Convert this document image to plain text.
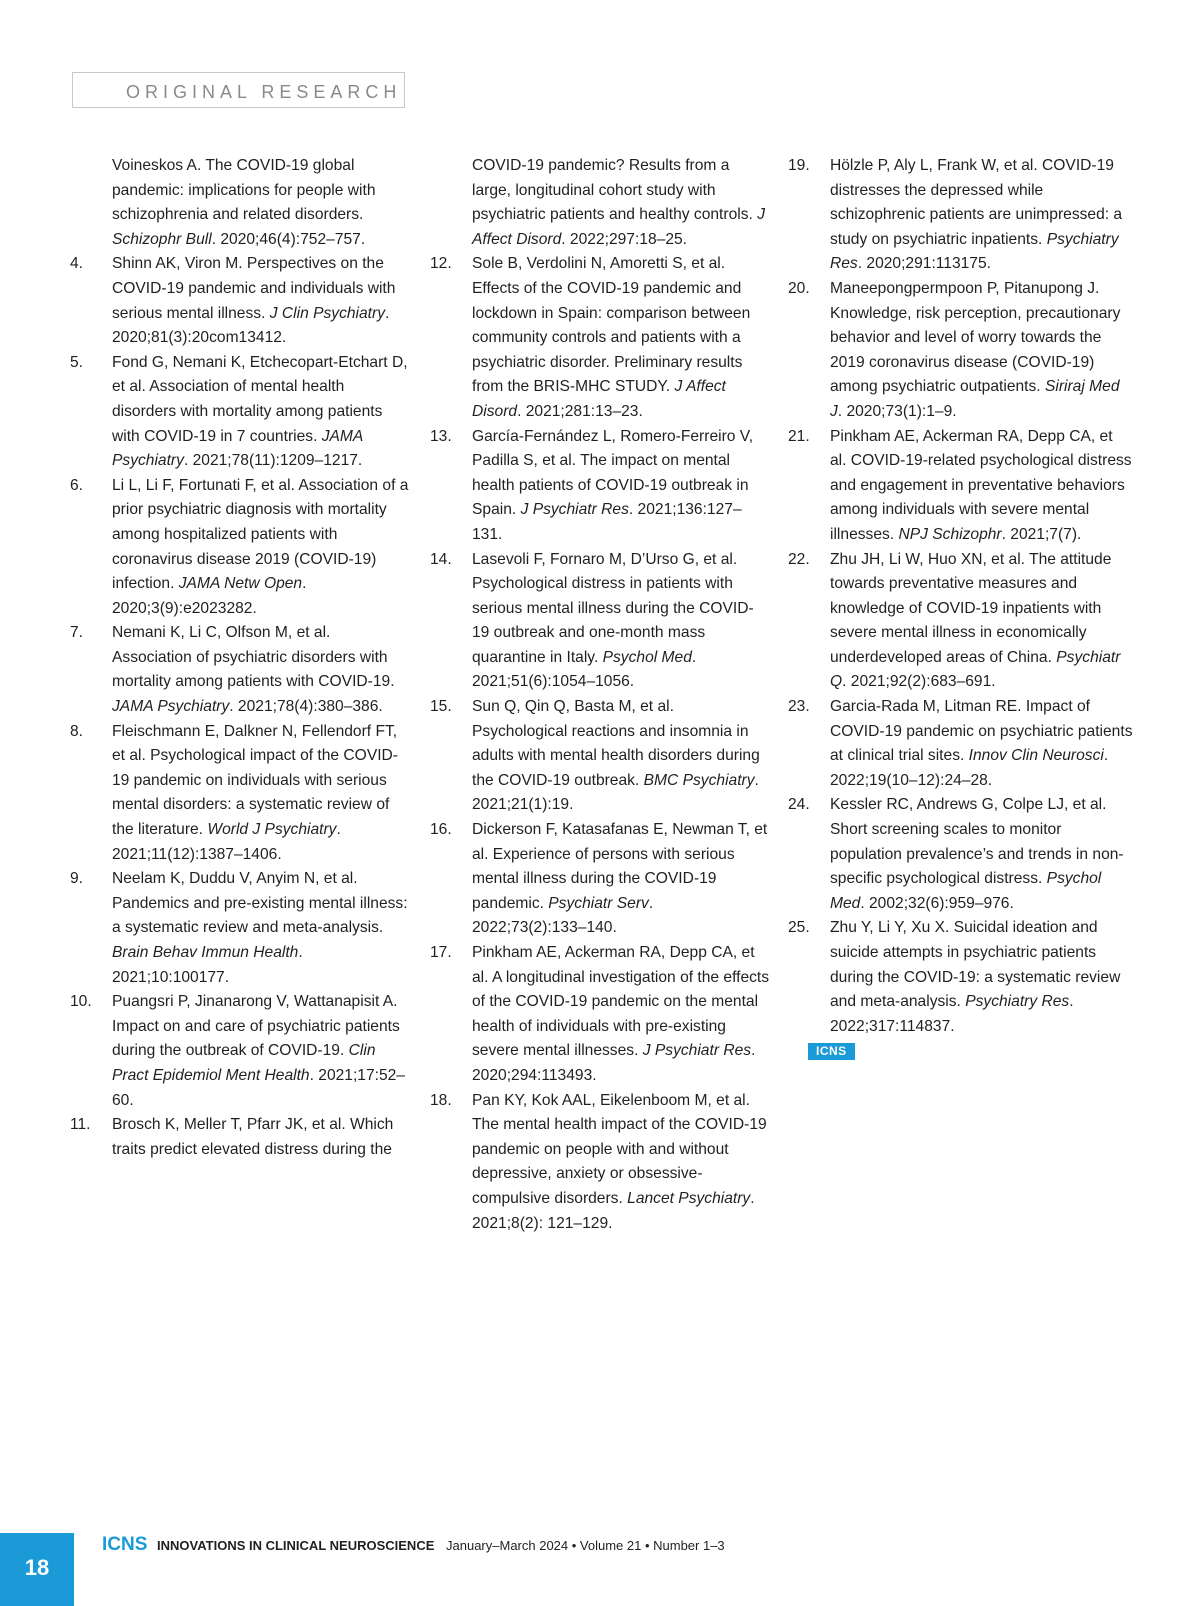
ORIGINAL RESEARCH
Voineskos A. The COVID-19 global pandemic: implications for people with schizophrenia and related disorders. Schizophr Bull. 2020;46(4):752–757.
4.	Shinn AK, Viron M. Perspectives on the COVID-19 pandemic and individuals with serious mental illness. J Clin Psychiatry. 2020;81(3):20com13412.
5.	Fond G, Nemani K, Etchecopart-Etchart D, et al. Association of mental health disorders with mortality among patients with COVID-19 in 7 countries. JAMA Psychiatry. 2021;78(11):1209–1217.
6.	Li L, Li F, Fortunati F, et al. Association of a prior psychiatric diagnosis with mortality among hospitalized patients with coronavirus disease 2019 (COVID-19) infection. JAMA Netw Open. 2020;3(9):e2023282.
7.	Nemani K, Li C, Olfson M, et al. Association of psychiatric disorders with mortality among patients with COVID-19. JAMA Psychiatry. 2021;78(4):380–386.
8.	Fleischmann E, Dalkner N, Fellendorf FT, et al. Psychological impact of the COVID-19 pandemic on individuals with serious mental disorders: a systematic review of the literature. World J Psychiatry. 2021;11(12):1387–1406.
9.	Neelam K, Duddu V, Anyim N, et al. Pandemics and pre-existing mental illness: a systematic review and meta-analysis. Brain Behav Immun Health. 2021;10:100177.
10.	Puangsri P, Jinanarong V, Wattanapisit A. Impact on and care of psychiatric patients during the outbreak of COVID-19. Clin Pract Epidemiol Ment Health. 2021;17:52–60.
11.	Brosch K, Meller T, Pfarr JK, et al. Which traits predict elevated distress during the
COVID-19 pandemic? Results from a large, longitudinal cohort study with psychiatric patients and healthy controls. J Affect Disord. 2022;297:18–25.
12.	Sole B, Verdolini N, Amoretti S, et al. Effects of the COVID-19 pandemic and lockdown in Spain: comparison between community controls and patients with a psychiatric disorder. Preliminary results from the BRIS-MHC STUDY. J Affect Disord. 2021;281:13–23.
13.	García-Fernández L, Romero-Ferreiro V, Padilla S, et al. The impact on mental health patients of COVID-19 outbreak in Spain. J Psychiatr Res. 2021;136:127–131.
14.	Lasevoli F, Fornaro M, D’Urso G, et al. Psychological distress in patients with serious mental illness during the COVID-19 outbreak and one-month mass quarantine in Italy. Psychol Med. 2021;51(6):1054–1056.
15.	Sun Q, Qin Q, Basta M, et al. Psychological reactions and insomnia in adults with mental health disorders during the COVID-19 outbreak. BMC Psychiatry. 2021;21(1):19.
16.	Dickerson F, Katasafanas E, Newman T, et al. Experience of persons with serious mental illness during the COVID-19 pandemic. Psychiatr Serv. 2022;73(2):133–140.
17.	Pinkham AE, Ackerman RA, Depp CA, et al. A longitudinal investigation of the effects of the COVID-19 pandemic on the mental health of individuals with pre-existing severe mental illnesses. J Psychiatr Res. 2020;294:113493.
18.	Pan KY, Kok AAL, Eikelenboom M, et al. The mental health impact of the COVID-19 pandemic on people with and without depressive, anxiety or obsessive-compulsive disorders. Lancet Psychiatry. 2021;8(2): 121–129.
19.	Hölzle P, Aly L, Frank W, et al. COVID-19 distresses the depressed while schizophrenic patients are unimpressed: a study on psychiatric inpatients. Psychiatry Res. 2020;291:113175.
20.	Maneepongpermpoon P, Pitanupong J. Knowledge, risk perception, precautionary behavior and level of worry towards the 2019 coronavirus disease (COVID-19) among psychiatric outpatients. Siriraj Med J. 2020;73(1):1–9.
21.	Pinkham AE, Ackerman RA, Depp CA, et al. COVID-19-related psychological distress and engagement in preventative behaviors among individuals with severe mental illnesses. NPJ Schizophr. 2021;7(7).
22.	Zhu JH, Li W, Huo XN, et al. The attitude towards preventative measures and knowledge of COVID-19 inpatients with severe mental illness in economically underdeveloped areas of China. Psychiatr Q. 2021;92(2):683–691.
23.	Garcia-Rada M, Litman RE. Impact of COVID-19 pandemic on psychiatric patients at clinical trial sites. Innov Clin Neurosci. 2022;19(10–12):24–28.
24.	Kessler RC, Andrews G, Colpe LJ, et al. Short screening scales to monitor population prevalence’s and trends in non-specific psychological distress. Psychol Med. 2002;32(6):959–976.
25.	Zhu Y, Li Y, Xu X. Suicidal ideation and suicide attempts in psychiatric patients during the COVID-19: a systematic review and meta-analysis. Psychiatry Res. 2022;317:114837.
ICNS
18
ICNS INNOVATIONS IN CLINICAL NEUROSCIENCE January–March 2024 • Volume 21 • Number 1–3
